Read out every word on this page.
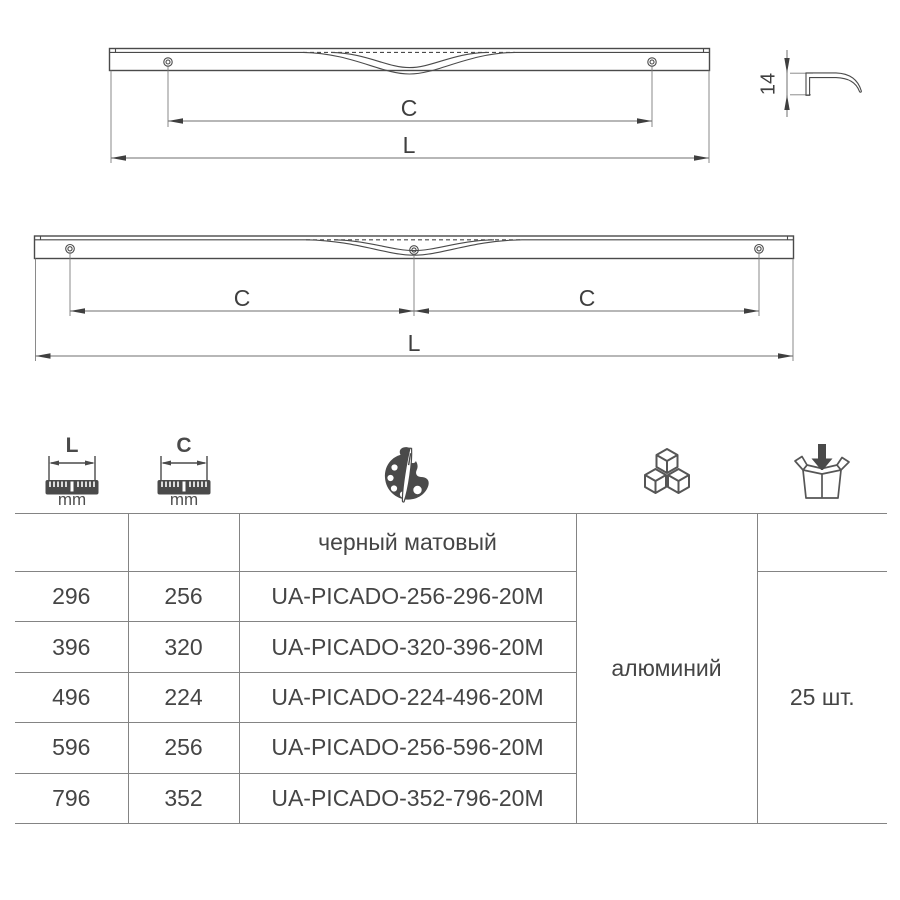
C
L
14
C	C
L
L
mm
C
mm
		черный матовый	алюминий	
296	256	UA-PICADO-256-296-20M		25 шт.
396	320	UA-PICADO-320-396-20M		
496	224	UA-PICADO-224-496-20M		
596	256	UA-PICADO-256-596-20M		
796	352	UA-PICADO-352-796-20M		
